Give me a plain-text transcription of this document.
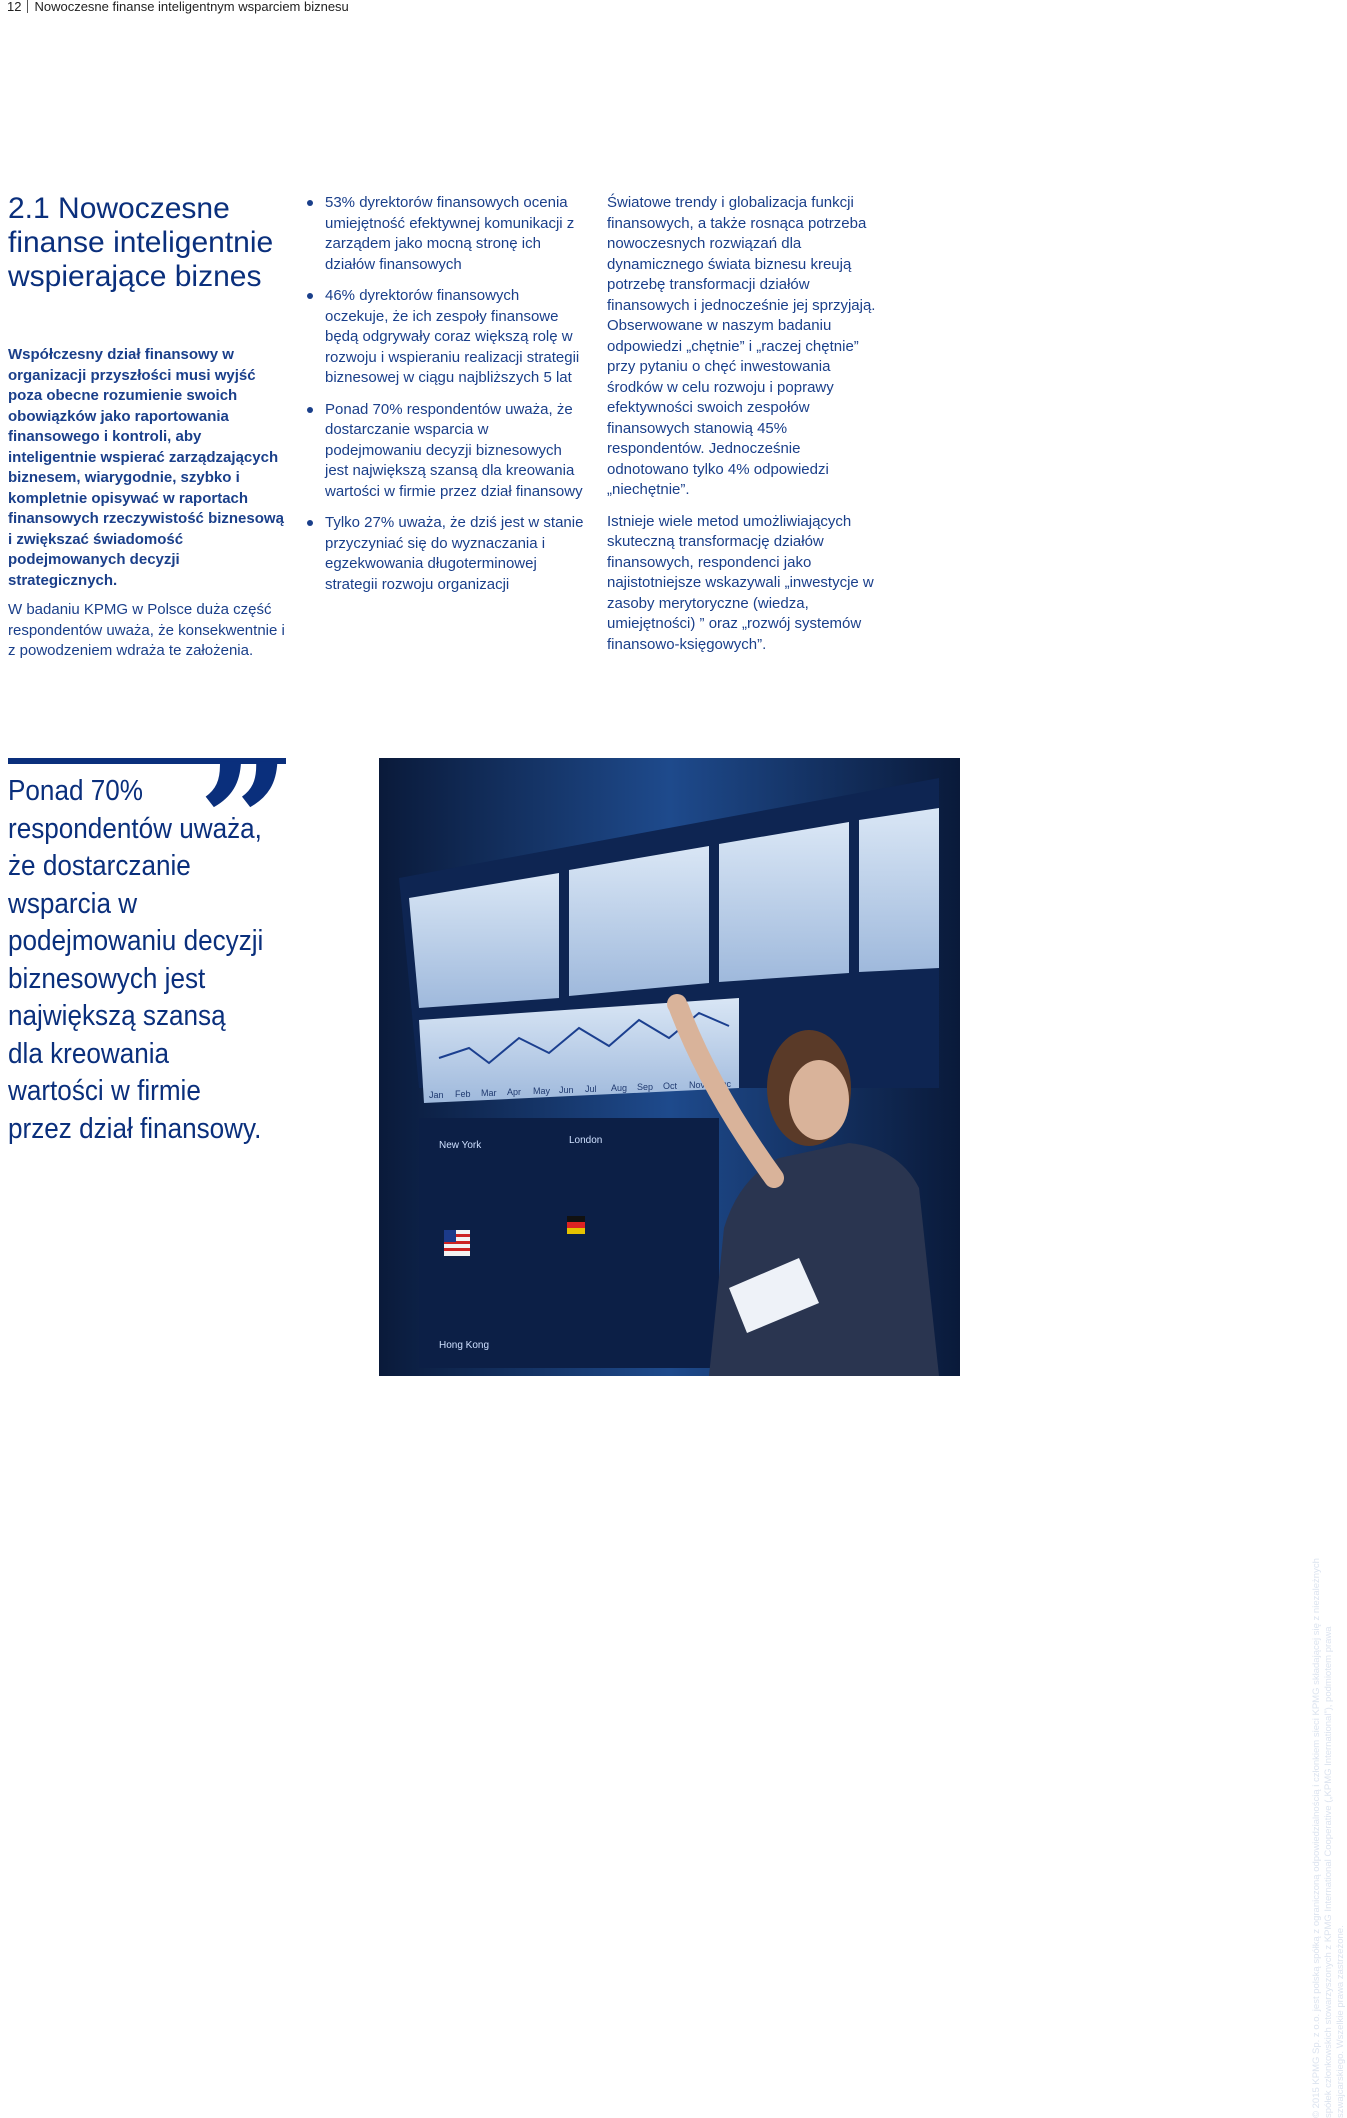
12 Nowoczesne finanse inteligentnym wsparciem biznesu
2.1 Nowoczesne finanse inteligentnie wspierające biznes

Współczesny dział finansowy w organizacji przyszłości musi wyjść poza obecne rozumienie swoich obowiązków jako raportowania finansowego i kontroli, aby inteligentnie wspierać zarządzających biznesem, wiarygodnie, szybko i kompletnie opisywać w raportach finansowych rzeczywistość biznesową i zwiększać świadomość podejmowanych decyzji strategicznych.

W badaniu KPMG w Polsce duża część respondentów uważa, że konsekwentnie i z powodzeniem wdraża te założenia.

53% dyrektorów finansowych ocenia umiejętność efektywnej komunikacji z zarządem jako mocną stronę ich działów finansowych
46% dyrektorów finansowych oczekuje, że ich zespoły finansowe będą odgrywały coraz większą rolę w rozwoju i wspieraniu realizacji strategii biznesowej w ciągu najbliższych 5 lat
Ponad 70% respondentów uważa, że dostarczanie wsparcia w podejmowaniu decyzji biznesowych jest największą szansą dla kreowania wartości w firmie przez dział finansowy
Tylko 27% uważa, że dziś jest w stanie przyczyniać się do wyznaczania i egzekwowania długoterminowej strategii rozwoju organizacji

Światowe trendy i globalizacja funkcji finansowych, a także rosnąca potrzeba nowoczesnych rozwiązań dla dynamicznego świata biznesu kreują potrzebę transformacji działów finansowych i jednocześnie jej sprzyjają. Obserwowane w naszym badaniu odpowiedzi „chętnie” i „raczej chętnie” przy pytaniu o chęć inwestowania środków w celu rozwoju i poprawy efektywności swoich zespołów finansowych stanowią 45% respondentów. Jednocześnie odnotowano tylko 4% odpowiedzi „niechętnie”.

Istnieje wiele metod umożliwiających skuteczną transformację działów finansowych, respondenci jako najistotniejsze wskazywali „inwestycje w zasoby merytoryczne (wiedza, umiejętności) ” oraz „rozwój systemów finansowo-księgowych”.

”

Ponad 70% respondentów uważa, że dostarczanie wsparcia w podejmowaniu decyzji biznesowych jest największą szansą dla kreowania wartości w firmie przez dział finansowy.

Jan Feb Mar Apr May Jun Jul Aug Sep Oct Nov Dec
New York	London
Hong Kong
© 2015 KPMG Sp. z o.o. jest polską spółką z ograniczoną odpowiedzialnością i członkiem sieci KPMG składającej się z niezależnych spółek członkowskich stowarzyszonych z KPMG International Cooperative („KPMG International”), podmiotem prawa szwajcarskiego. Wszelkie prawa zastrzeżone.
